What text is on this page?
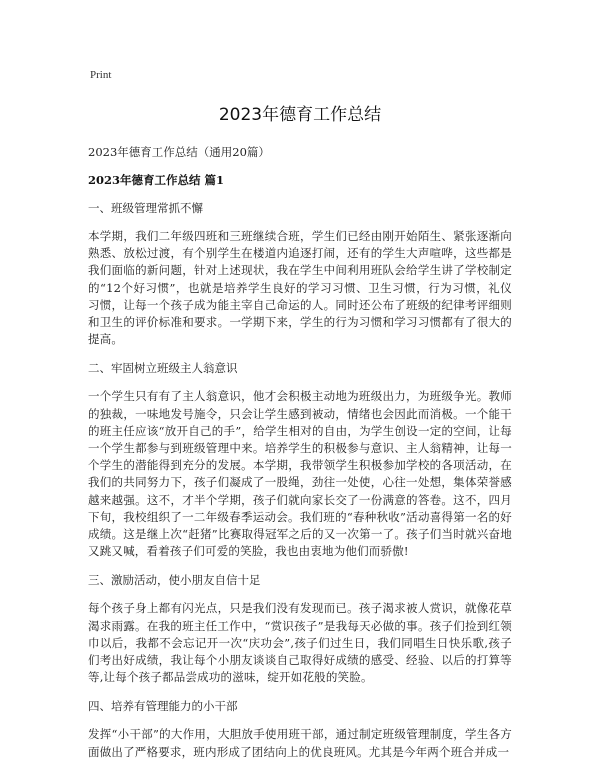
Print
2023年德育工作总结
2023年德育工作总结（通用20篇）
2023年德育工作总结 篇1
一、班级管理常抓不懈
本学期，我们二年级四班和三班继续合班，学生们已经由刚开始陌生、紧张逐渐向熟悉、放松过渡，有个别学生在楼道内追逐打闹，还有的学生大声喧哗，这些都是我们面临的新问题，针对上述现状，我在学生中间利用班队会给学生讲了学校制定的“12个好习惯”，也就是培养学生良好的学习习惯、卫生习惯，行为习惯，礼仪习惯，让每一个孩子成为能主宰自己命运的人。同时还公布了班级的纪律考评细则和卫生的评价标准和要求。一学期下来，学生的行为习惯和学习习惯都有了很大的提高。
二、牢固树立班级主人翁意识
一个学生只有有了主人翁意识，他才会积极主动地为班级出力，为班级争光。教师的独裁，一味地发号施令，只会让学生感到被动，情绪也会因此而消极。一个能干的班主任应该“放开自己的手”，给学生相对的自由，为学生创设一定的空间，让每一个学生都参与到班级管理中来。培养学生的积极参与意识、主人翁精神，让每一个学生的潜能得到充分的发展。本学期，我带领学生积极参加学校的各项活动，在我们的共同努力下，孩子们凝成了一股绳，劲往一处使，心往一处想，集体荣誉感越来越强。这不，才半个学期，孩子们就向家长交了一份满意的答卷。这不，四月下旬，我校组织了一二年级春季运动会。我们班的“春种秋收”活动喜得第一名的好成绩。这是继上次“赶猪”比赛取得冠军之后的又一次第一了。孩子们当时就兴奋地又跳又喊，看着孩子们可爱的笑脸，我也由衷地为他们而骄傲!
三、激励活动，使小朋友自信十足
每个孩子身上都有闪光点，只是我们没有发现而已。孩子渴求被人赏识，就像花草渴求雨露。在我的班主任工作中，“赏识孩子”是我每天必做的事。孩子们捡到红领巾以后，我都不会忘记开一次“庆功会”,孩子们过生日，我们同唱生日快乐歌,孩子们考出好成绩，我让每个小朋友谈谈自己取得好成绩的感受、经验、以后的打算等等,让每个孩子都品尝成功的滋味，绽开如花般的笑脸。
四、培养有管理能力的小干部
发挥“小干部”的大作用，大胆放手使用班干部，通过制定班级管理制度，学生各方面做出了严格要求，班内形成了团结向上的优良班风。尤其是今年两个班合并成一
